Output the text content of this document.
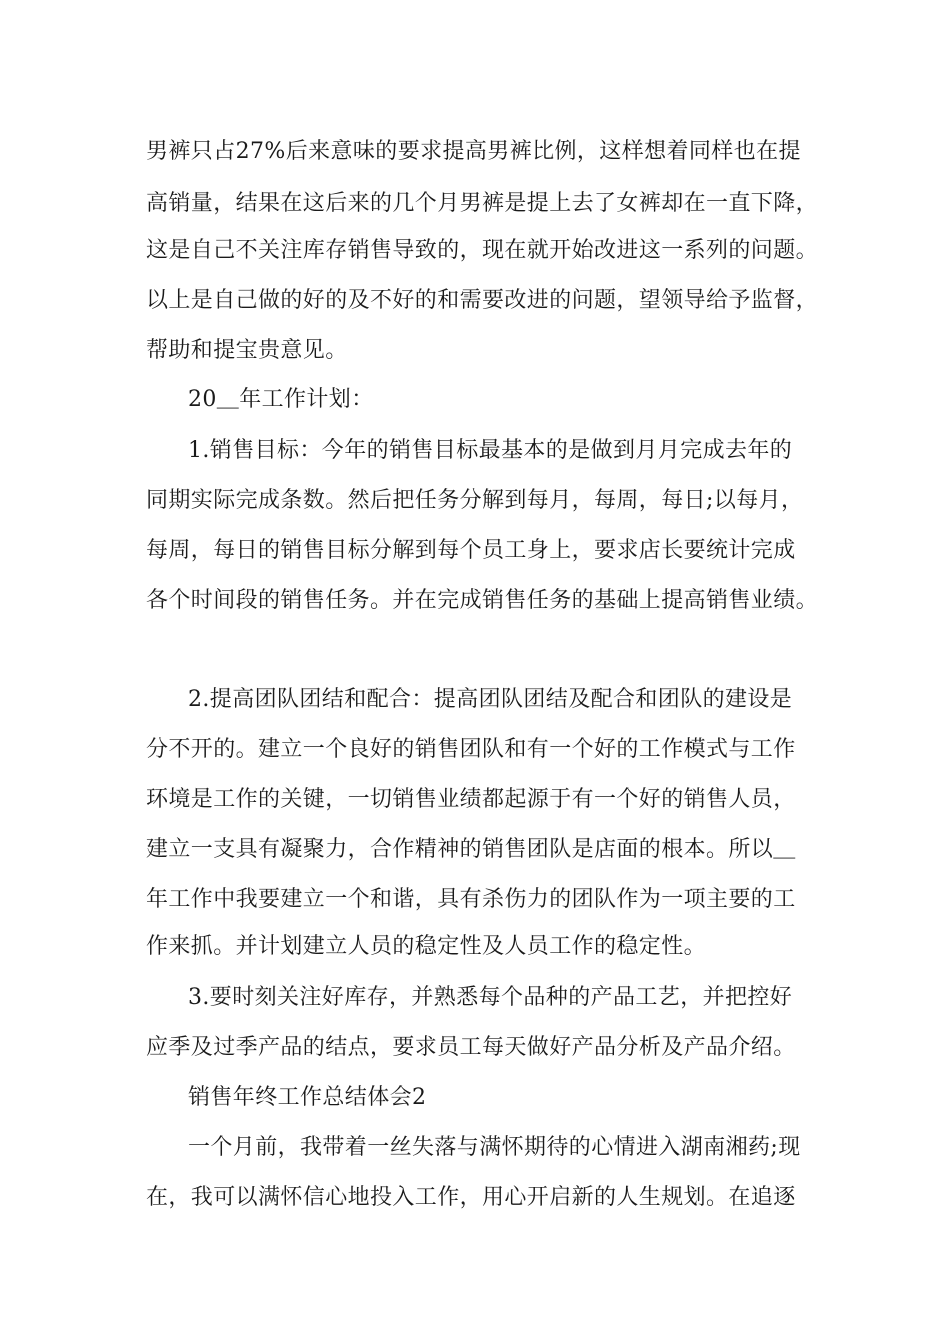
男裤只占27%后来意味的要求提高男裤比例，这样想着同样也在提
高销量，结果在这后来的几个月男裤是提上去了女裤却在一直下降，
这是自己不关注库存销售导致的，现在就开始改进这一系列的问题。
以上是自己做的好的及不好的和需要改进的问题，望领导给予监督，
帮助和提宝贵意见。
20＿年工作计划：
1.销售目标：今年的销售目标最基本的是做到月月完成去年的
同期实际完成条数。然后把任务分解到每月，每周，每日;以每月，
每周，每日的销售目标分解到每个员工身上，要求店长要统计完成
各个时间段的销售任务。并在完成销售任务的基础上提高销售业绩。
2.提高团队团结和配合：提高团队团结及配合和团队的建设是
分不开的。建立一个良好的销售团队和有一个好的工作模式与工作
环境是工作的关键，一切销售业绩都起源于有一个好的销售人员，
建立一支具有凝聚力，合作精神的销售团队是店面的根本。所以＿
年工作中我要建立一个和谐，具有杀伤力的团队作为一项主要的工
作来抓。并计划建立人员的稳定性及人员工作的稳定性。
3.要时刻关注好库存，并熟悉每个品种的产品工艺，并把控好
应季及过季产品的结点，要求员工每天做好产品分析及产品介绍。
销售年终工作总结体会2
一个月前，我带着一丝失落与满怀期待的心情进入湖南湘药;现
在，我可以满怀信心地投入工作，用心开启新的人生规划。在追逐
